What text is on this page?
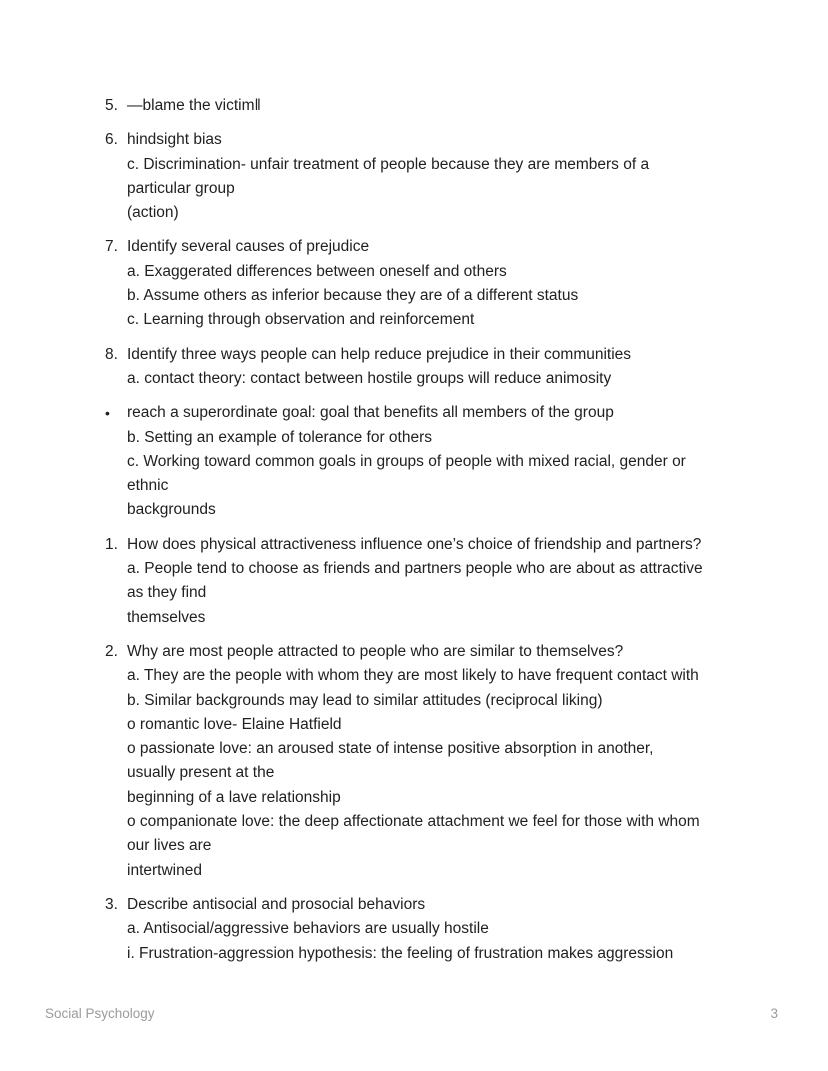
5. —blame the victim‖
6. hindsight bias
c. Discrimination- unfair treatment of people because they are members of a
particular group
(action)
7. Identify several causes of prejudice
a. Exaggerated differences between oneself and others
b. Assume others as inferior because they are of a different status
c. Learning through observation and reinforcement
8. Identify three ways people can help reduce prejudice in their communities
a. contact theory: contact between hostile groups will reduce animosity
•	reach a superordinate goal: goal that benefits all members of the group
b. Setting an example of tolerance for others
c. Working toward common goals in groups of people with mixed racial, gender or
ethnic
backgrounds
1. How does physical attractiveness influence one’s choice of friendship and partners?
a. People tend to choose as friends and partners people who are about as attractive
as they find
themselves
2. Why are most people attracted to people who are similar to themselves?
a. They are the people with whom they are most likely to have frequent contact with
b. Similar backgrounds may lead to similar attitudes (reciprocal liking)
o romantic love- Elaine Hatfield
o passionate love: an aroused state of intense positive absorption in another,
usually present at the
beginning of a lave relationship
o companionate love: the deep affectionate attachment we feel for those with whom
our lives are
intertwined
3. Describe antisocial and prosocial behaviors
a. Antisocial/aggressive behaviors are usually hostile
i. Frustration-aggression hypothesis: the feeling of frustration makes aggression
Social Psychology	3
